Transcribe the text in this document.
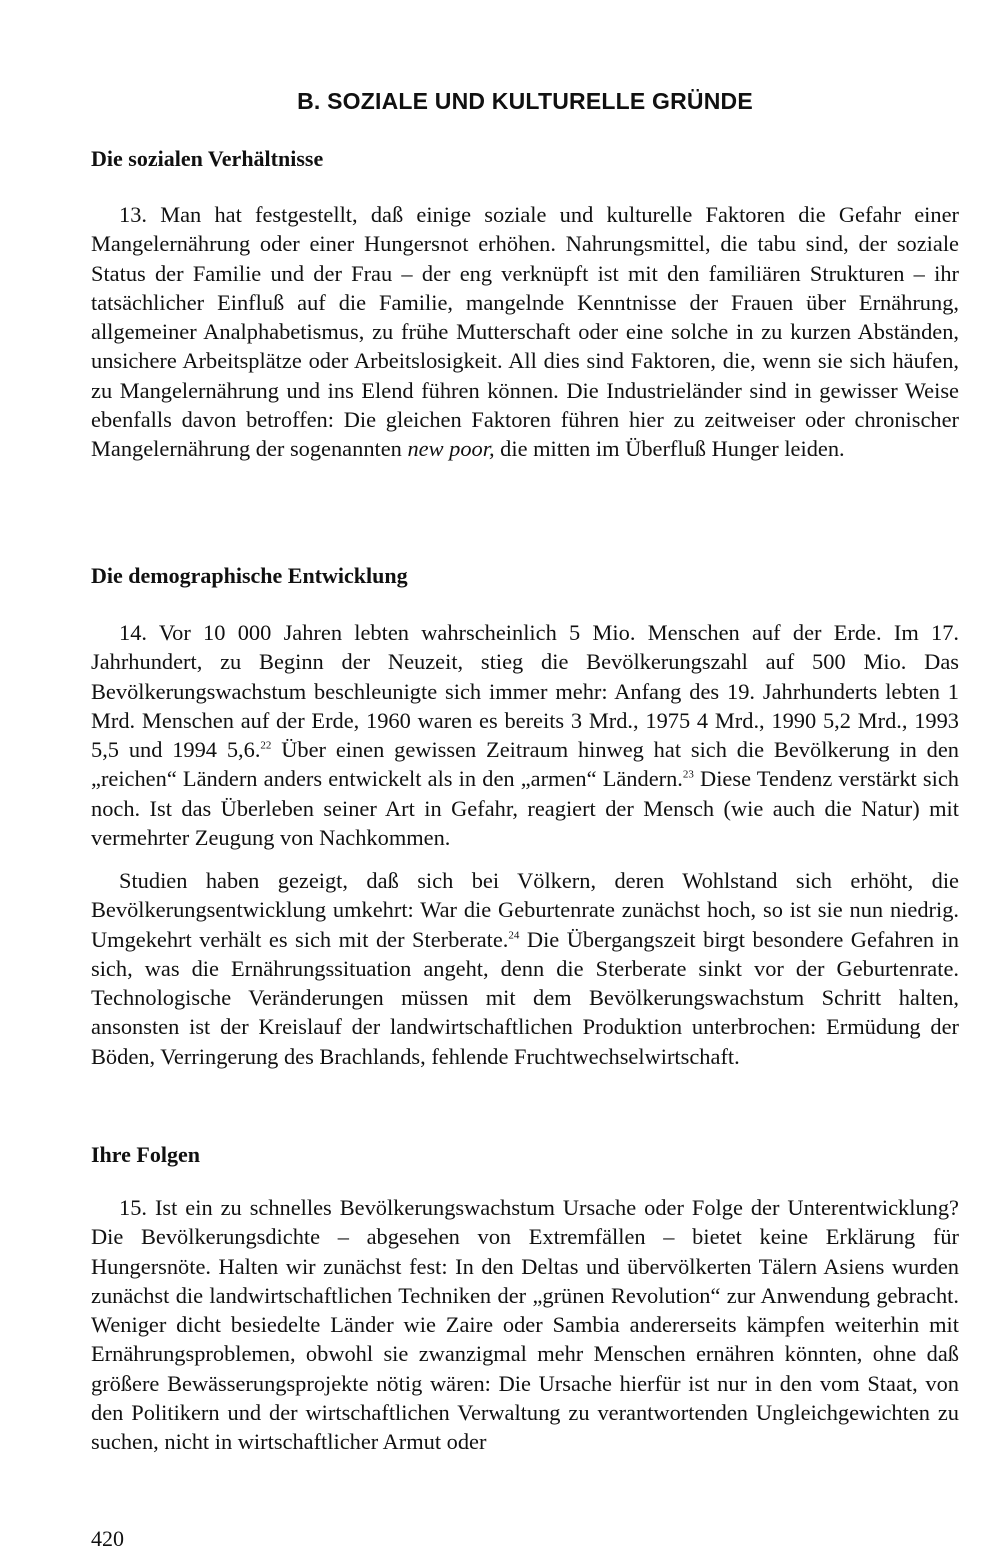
B. SOZIALE UND KULTURELLE GRÜNDE
Die sozialen Verhältnisse

13. Man hat festgestellt, daß einige soziale und kulturelle Faktoren die Gefahr einer Mangelernährung oder einer Hungersnot erhöhen. Nahrungsmittel, die tabu sind, der soziale Status der Familie und der Frau – der eng verknüpft ist mit den familiären Strukturen – ihr tatsächlicher Einfluß auf die Familie, mangelnde Kenntnisse der Frauen über Ernährung, allgemeiner Analphabetismus, zu frühe Mutterschaft oder eine solche in zu kurzen Abständen, unsichere Arbeitsplätze oder Arbeitslosigkeit. All dies sind Faktoren, die, wenn sie sich häufen, zu Mangelernährung und ins Elend führen können. Die Industrieländer sind in gewisser Weise ebenfalls davon betroffen: Die gleichen Faktoren führen hier zu zeitweiser oder chronischer Mangelernährung der sogenannten new poor, die mitten im Überfluß Hunger leiden.

Die demographische Entwicklung

14. Vor 10 000 Jahren lebten wahrscheinlich 5 Mio. Menschen auf der Erde. Im 17. Jahrhundert, zu Beginn der Neuzeit, stieg die Bevölkerungszahl auf 500 Mio. Das Bevölkerungswachstum beschleunigte sich immer mehr: Anfang des 19. Jahrhunderts lebten 1 Mrd. Menschen auf der Erde, 1960 waren es bereits 3 Mrd., 1975 4 Mrd., 1990 5,2 Mrd., 1993 5,5 und 1994 5,6.22 Über einen gewissen Zeitraum hinweg hat sich die Bevölkerung in den „reichen“ Ländern anders entwickelt als in den „armen“ Ländern.$^{23}$ Diese Tendenz verstärkt sich noch. Ist das Überleben seiner Art in Gefahr, reagiert der Mensch (wie auch die Natur) mit vermehrter Zeugung von Nachkommen.

Studien haben gezeigt, daß sich bei Völkern, deren Wohlstand sich erhöht, die Bevölkerungsentwicklung umkehrt: War die Geburtenrate zunächst hoch, so ist sie nun niedrig. Umgekehrt verhält es sich mit der Sterberate.$^{24}$ Die Übergangszeit birgt besondere Gefahren in sich, was die Ernährungssituation angeht, denn die Sterberate sinkt vor der Geburtenrate. Technologische Veränderungen müssen mit dem Bevölkerungswachstum Schritt halten, ansonsten ist der Kreislauf der landwirtschaftlichen Produktion unterbrochen: Ermüdung der Böden, Verringerung des Brachlands, fehlende Fruchtwechselwirtschaft.

Ihre Folgen

15. Ist ein zu schnelles Bevölkerungswachstum Ursache oder Folge der Unterentwicklung? Die Bevölkerungsdichte – abgesehen von Extremfällen – bietet keine Erklärung für Hungersnöte. Halten wir zunächst fest: In den Deltas und übervölkerten Tälern Asiens wurden zunächst die landwirtschaftlichen Techniken der „grünen Revolution“ zur Anwendung gebracht. Weniger dicht besiedelte Länder wie Zaire oder Sambia andererseits kämpfen weiterhin mit Ernährungsproblemen, obwohl sie zwanzigmal mehr Menschen ernähren könnten, ohne daß größere Bewässerungsprojekte nötig wären: Die Ursache hierfür ist nur in den vom Staat, von den Politikern und der wirtschaftlichen Verwaltung zu verantwortenden Ungleichgewichten zu suchen, nicht in wirtschaftlicher Armut oder

420
